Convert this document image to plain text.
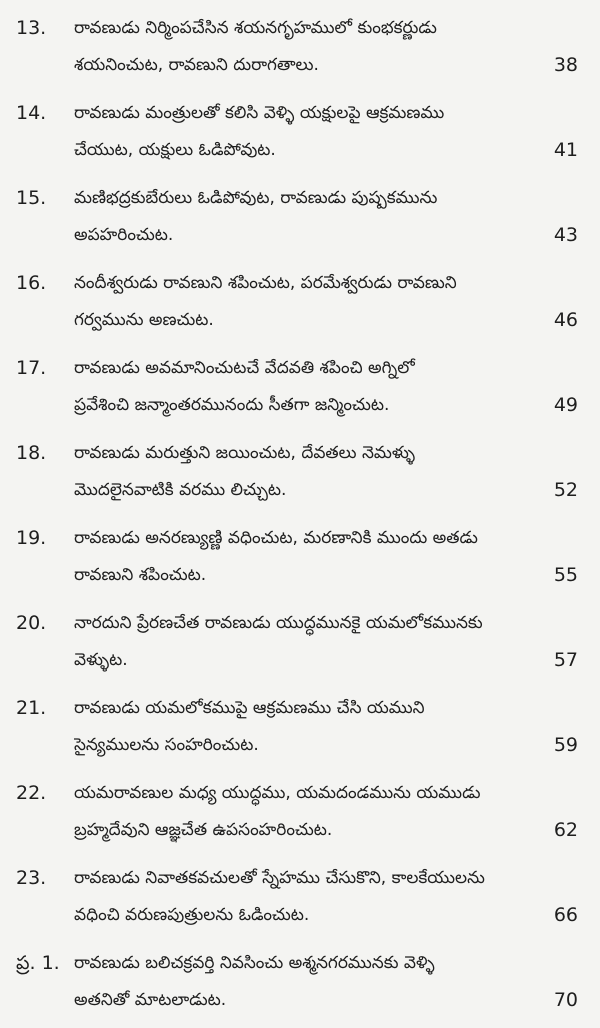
13.	రావణుడు నిర్మింపచేసిన శయనగృహములో కుంభకర్ణుడు
శయనించుట, రావణుని దురాగతాలు.	38
14.	రావణుడు మంత్రులతో కలిసి వెళ్ళి యక్షులపై ఆక్రమణము
చేయుట, యక్షులు ఓడిపోవుట.	41
15.	మణిభద్రకుబేరులు ఓడిపోవుట, రావణుడు పుష్పకమును
అపహరించుట.	43
16.	నందీశ్వరుడు రావణుని శపించుట, పరమేశ్వరుడు రావణుని
గర్వమును అణచుట.	46
17.	రావణుడు అవమానించుటచే వేదవతి శపించి అగ్నిలో
ప్రవేశించి జన్మాంతరమునందు సీతగా జన్మించుట.	49
18.	రావణుడు మరుత్తుని జయించుట, దేవతలు నెమళ్ళు
మొదలైనవాటికి వరము లిచ్చుట.	52
19.	రావణుడు అనరణ్యుణ్ణి వధించుట, మరణానికి ముందు అతడు
రావణుని శపించుట.	55
20.	నారదుని ప్రేరణచేత రావణుడు యుద్ధమునకై యమలోకమునకు
వెళ్ళుట.	57
21.	రావణుడు యమలోకముపై ఆక్రమణము చేసి యముని
సైన్యములను సంహరించుట.	59
22.	యమరావణుల మధ్య యుద్ధము, యమదండమును యముడు
బ్రహ్మదేవుని ఆజ్ఞచేత ఉపసంహరించుట.	62
23.	రావణుడు నివాతకవచులతో స్నేహము చేసుకొని, కాలకేయులను
వధించి వరుణపుత్రులను ఓడించుట.	66
ప్ర. 1. రావణుడు బలిచక్రవర్తి నివసించు అశ్మనగరమునకు వెళ్ళి
అతనితో మాటలాడుట.	70
